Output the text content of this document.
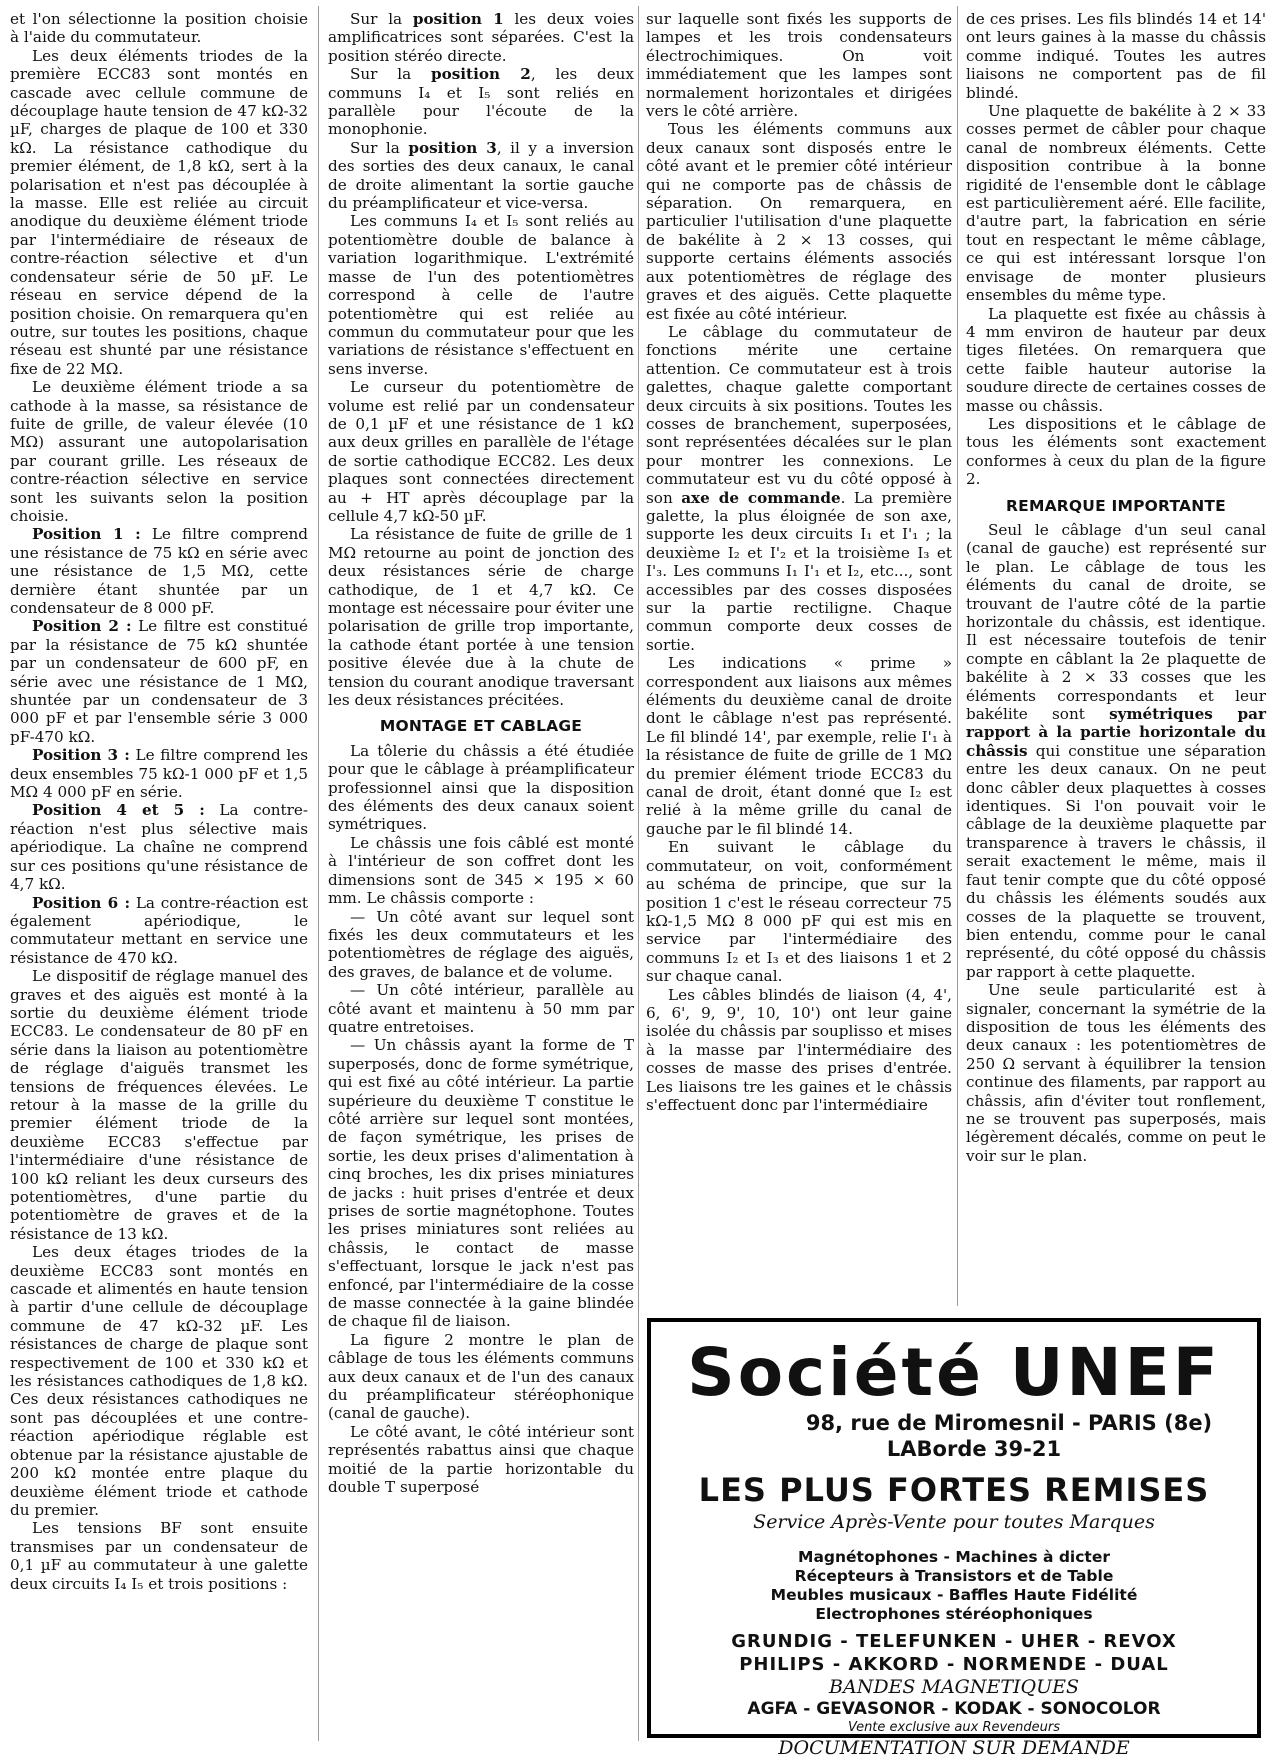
et l'on sélectionne la position choisie à l'aide du commutateur.

Les deux éléments triodes de la première ECC83 sont montés en cascade avec cellule commune de découplage haute tension de 47 kΩ-32 µF, charges de plaque de 100 et 330 kΩ. La résistance cathodique du premier élément, de 1,8 kΩ, sert à la polarisation et n'est pas découplée à la masse. Elle est reliée au circuit anodique du deuxième élément triode par l'intermédiaire de réseaux de contre-réaction sélective et d'un condensateur série de 50 µF. Le réseau en service dépend de la position choisie. On remarquera qu'en outre, sur toutes les positions, chaque réseau est shunté par une résistance fixe de 22 MΩ.

Le deuxième élément triode a sa cathode à la masse, sa résistance de fuite de grille, de valeur élevée (10 MΩ) assurant une autopolarisation par courant grille. Les réseaux de contre-réaction sélective en service sont les suivants selon la position choisie.

Position 1 : Le filtre comprend une résistance de 75 kΩ en série avec une résistance de 1,5 MΩ, cette dernière étant shuntée par un condensateur de 8 000 pF.

Position 2 : Le filtre est constitué par la résistance de 75 kΩ shuntée par un condensateur de 600 pF, en série avec une résistance de 1 MΩ, shuntée par un condensateur de 3 000 pF et par l'ensemble série 3 000 pF-470 kΩ.

Position 3 : Le filtre comprend les deux ensembles 75 kΩ-1 000 pF et 1,5 MΩ 4 000 pF en série.

Position 4 et 5 : La contre-réaction n'est plus sélective mais apériodique. La chaîne ne comprend sur ces positions qu'une résistance de 4,7 kΩ.

Position 6 : La contre-réaction est également apériodique, le commutateur mettant en service une résistance de 470 kΩ.

Le dispositif de réglage manuel des graves et des aiguës est monté à la sortie du deuxième élément triode ECC83. Le condensateur de 80 pF en série dans la liaison au potentiomètre de réglage d'aiguës transmet les tensions de fréquences élevées. Le retour à la masse de la grille du premier élément triode de la deuxième ECC83 s'effectue par l'intermédiaire d'une résistance de 100 kΩ reliant les deux curseurs des potentiomètres, d'une partie du potentiomètre de graves et de la résistance de 13 kΩ.

Les deux étages triodes de la deuxième ECC83 sont montés en cascade et alimentés en haute tension à partir d'une cellule de découplage commune de 47 kΩ-32 µF. Les résistances de charge de plaque sont respectivement de 100 et 330 kΩ et les résistances cathodiques de 1,8 kΩ. Ces deux résistances cathodiques ne sont pas découplées et une contre-réaction apériodique réglable est obtenue par la résistance ajustable de 200 kΩ montée entre plaque du deuxième élément triode et cathode du premier.

Les tensions BF sont ensuite transmises par un condensateur de 0,1 µF au commutateur à une galette deux circuits I₄ I₅ et trois positions :

Sur la position 1 les deux voies amplificatrices sont séparées. C'est la position stéréo directe.

Sur la position 2, les deux communs I₄ et I₅ sont reliés en parallèle pour l'écoute de la monophonie.

Sur la position 3, il y a inversion des sorties des deux canaux, le canal de droite alimentant la sortie gauche du préamplificateur et vice-versa.

Les communs I₄ et I₅ sont reliés au potentiomètre double de balance à variation logarithmique. L'extrémité masse de l'un des potentiomètres correspond à celle de l'autre potentiomètre qui est reliée au commun du commutateur pour que les variations de résistance s'effectuent en sens inverse.

Le curseur du potentiomètre de volume est relié par un condensateur de 0,1 µF et une résistance de 1 kΩ aux deux grilles en parallèle de l'étage de sortie cathodique ECC82. Les deux plaques sont connectées directement au + HT après découplage par la cellule 4,7 kΩ-50 µF.

La résistance de fuite de grille de 1 MΩ retourne au point de jonction des deux résistances série de charge cathodique, de 1 et 4,7 kΩ. Ce montage est nécessaire pour éviter une polarisation de grille trop importante, la cathode étant portée à une tension positive élevée due à la chute de tension du courant anodique traversant les deux résistances précitées.

MONTAGE ET CABLAGE

La tôlerie du châssis a été étudiée pour que le câblage à préamplificateur professionnel ainsi que la disposition des éléments des deux canaux soient symétriques.

Le châssis une fois câblé est monté à l'intérieur de son coffret dont les dimensions sont de 345 × 195 × 60 mm. Le châssis comporte :

— Un côté avant sur lequel sont fixés les deux commutateurs et les potentiomètres de réglage des aiguës, des graves, de balance et de volume.

— Un côté intérieur, parallèle au côté avant et maintenu à 50 mm par quatre entretoises.

— Un châssis ayant la forme de T superposés, donc de forme symétrique, qui est fixé au côté intérieur. La partie supérieure du deuxième T constitue le côté arrière sur lequel sont montées, de façon symétrique, les prises de sortie, les deux prises d'alimentation à cinq broches, les dix prises miniatures de jacks : huit prises d'entrée et deux prises de sortie magnétophone. Toutes les prises miniatures sont reliées au châssis, le contact de masse s'effectuant, lorsque le jack n'est pas enfoncé, par l'intermédiaire de la cosse de masse connectée à la gaine blindée de chaque fil de liaison.

La figure 2 montre le plan de câblage de tous les éléments communs aux deux canaux et de l'un des canaux du préamplificateur stéréophonique (canal de gauche).

Le côté avant, le côté intérieur sont représentés rabattus ainsi que chaque moitié de la partie horizontable du double T superposé

sur laquelle sont fixés les supports de lampes et les trois condensateurs électrochimiques. On voit immédiatement que les lampes sont normalement horizontales et dirigées vers le côté arrière.

Tous les éléments communs aux deux canaux sont disposés entre le côté avant et le premier côté intérieur qui ne comporte pas de châssis de séparation. On remarquera, en particulier l'utilisation d'une plaquette de bakélite à 2 × 13 cosses, qui supporte certains éléments associés aux potentiomètres de réglage des graves et des aiguës. Cette plaquette est fixée au côté intérieur.

Le câblage du commutateur de fonctions mérite une certaine attention. Ce commutateur est à trois galettes, chaque galette comportant deux circuits à six positions. Toutes les cosses de branchement, superposées, sont représentées décalées sur le plan pour montrer les connexions. Le commutateur est vu du côté opposé à son axe de commande. La première galette, la plus éloignée de son axe, supporte les deux circuits I₁ et I'₁ ; la deuxième I₂ et I'₂ et la troisième I₃ et I'₃. Les communs I₁ I'₁ et I₂, etc..., sont accessibles par des cosses disposées sur la partie rectiligne. Chaque commun comporte deux cosses de sortie.

Les indications « prime » correspondent aux liaisons aux mêmes éléments du deuxième canal de droite dont le câblage n'est pas représenté. Le fil blindé 14', par exemple, relie I'₁ à la résistance de fuite de grille de 1 MΩ du premier élément triode ECC83 du canal de droit, étant donné que I₂ est relié à la même grille du canal de gauche par le fil blindé 14.

En suivant le câblage du commutateur, on voit, conformément au schéma de principe, que sur la position 1 c'est le réseau correcteur 75 kΩ-1,5 MΩ 8 000 pF qui est mis en service par l'intermédiaire des communs I₂ et I₃ et des liaisons 1 et 2 sur chaque canal.

Les câbles blindés de liaison (4, 4', 6, 6', 9, 9', 10, 10') ont leur gaine isolée du châssis par souplisso et mises à la masse par l'intermédiaire des cosses de masse des prises d'entrée. Les liaisons tre les gaines et le châssis s'effectuent donc par l'intermédiaire

de ces prises. Les fils blindés 14 et 14' ont leurs gaines à la masse du châssis comme indiqué. Toutes les autres liaisons ne comportent pas de fil blindé.

Une plaquette de bakélite à 2 × 33 cosses permet de câbler pour chaque canal de nombreux éléments. Cette disposition contribue à la bonne rigidité de l'ensemble dont le câblage est particulièrement aéré. Elle facilite, d'autre part, la fabrication en série tout en respectant le même câblage, ce qui est intéressant lorsque l'on envisage de monter plusieurs ensembles du même type.

La plaquette est fixée au châssis à 4 mm environ de hauteur par deux tiges filetées. On remarquera que cette faible hauteur autorise la soudure directe de certaines cosses de masse ou châssis.

Les dispositions et le câblage de tous les éléments sont exactement conformes à ceux du plan de la figure 2.

REMARQUE IMPORTANTE

Seul le câblage d'un seul canal (canal de gauche) est représenté sur le plan. Le câblage de tous les éléments du canal de droite, se trouvant de l'autre côté de la partie horizontale du châssis, est identique. Il est nécessaire toutefois de tenir compte en câblant la 2e plaquette de bakélite à 2 × 33 cosses que les éléments correspondants et leur bakélite sont symétriques par rapport à la partie horizontale du châssis qui constitue une séparation entre les deux canaux. On ne peut donc câbler deux plaquettes à cosses identiques. Si l'on pouvait voir le câblage de la deuxième plaquette par transparence à travers le châssis, il serait exactement le même, mais il faut tenir compte que du côté opposé du châssis les éléments soudés aux cosses de la plaquette se trouvent, bien entendu, comme pour le canal représenté, du côté opposé du châssis par rapport à cette plaquette.

Une seule particularité est à signaler, concernant la symétrie de la disposition de tous les éléments des deux canaux : les potentiomètres de 250 Ω servant à équilibrer la tension continue des filaments, par rapport au châssis, afin d'éviter tout ronflement, ne se trouvent pas superposés, mais légèrement décalés, comme on peut le voir sur le plan.

Société UNEF
98, rue de Miromesnil - PARIS (8e)
LABorde 39-21
LES PLUS FORTES REMISES
Service Après-Vente pour toutes Marques
Magnétophones - Machines à dicter
Récepteurs à Transistors et de Table
Meubles musicaux - Baffles Haute Fidélité
Electrophones stéréophoniques
GRUNDIG - TELEFUNKEN - UHER - REVOX
PHILIPS - AKKORD - NORMENDE - DUAL
BANDES MAGNETIQUES
AGFA - GEVASONOR - KODAK - SONOCOLOR
Vente exclusive aux Revendeurs
DOCUMENTATION SUR DEMANDE
